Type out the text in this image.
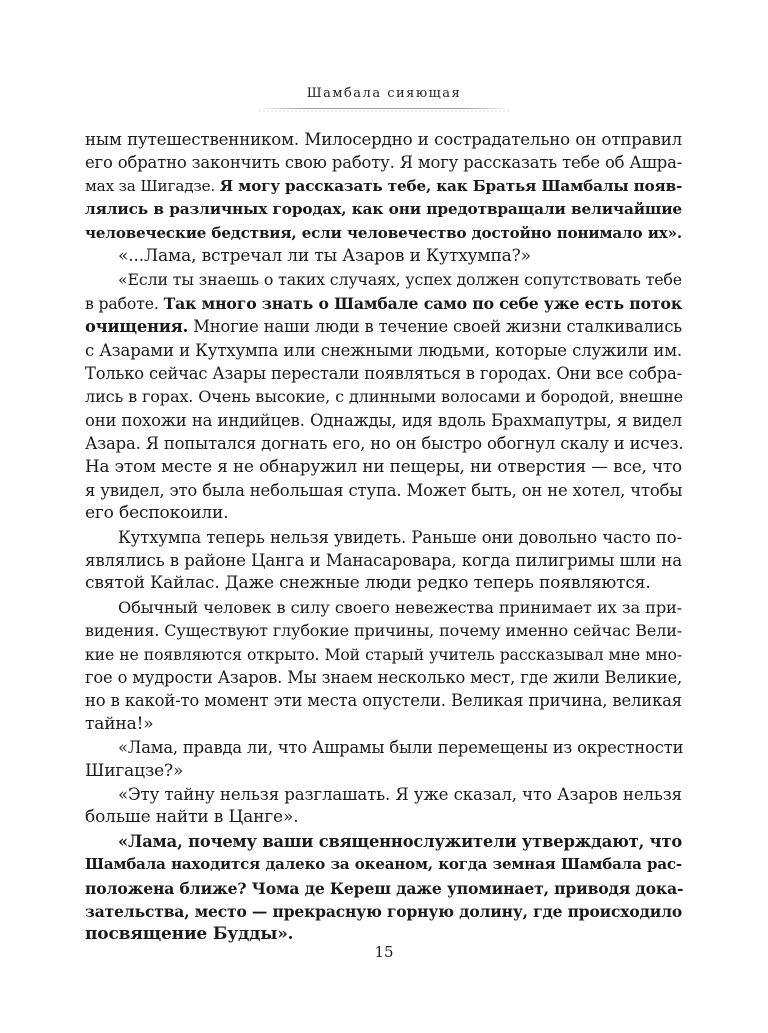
Шамбала сияющая
ным путешественником. Милосердно и сострадательно он отправил
его обратно закончить свою работу. Я могу рассказать тебе об Ашра-
мах за Шигадзе. Я могу рассказать тебе, как Братья Шамбалы появ-
лялись в различных городах, как они предотвращали величайшие
человеческие бедствия, если человечество достойно понимало их».
«...Лама, встречал ли ты Азаров и Кутхумпа?»
«Если ты знаешь о таких случаях, успех должен сопутствовать тебе
в работе. Так много знать о Шамбале само по себе уже есть поток
очищения. Многие наши люди в течение своей жизни сталкивались
с Азарами и Кутхумпа или снежными людьми, которые служили им.
Только сейчас Азары перестали появляться в городах. Они все собра-
лись в горах. Очень высокие, с длинными волосами и бородой, внешне
они похожи на индийцев. Однажды, идя вдоль Брахмапутры, я видел
Азара. Я попытался догнать его, но он быстро обогнул скалу и исчез.
На этом месте я не обнаружил ни пещеры, ни отверстия — все, что
я увидел, это была небольшая ступа. Может быть, он не хотел, чтобы
его беспокоили.
Кутхумпа теперь нельзя увидеть. Раньше они довольно часто по-
являлись в районе Цанга и Манасаровара, когда пилигримы шли на
святой Кайлас. Даже снежные люди редко теперь появляются.
Обычный человек в силу своего невежества принимает их за при-
видения. Существуют глубокие причины, почему именно сейчас Вели-
кие не появляются открыто. Мой старый учитель рассказывал мне мно-
гое о мудрости Азаров. Мы знаем несколько мест, где жили Великие,
но в какой-то момент эти места опустели. Великая причина, великая
тайна!»
«Лама, правда ли, что Ашрамы были перемещены из окрестности
Шигацзе?»
«Эту тайну нельзя разглашать. Я уже сказал, что Азаров нельзя
больше найти в Цанге».
«Лама, почему ваши священнослужители утверждают, что
Шамбала находится далеко за океаном, когда земная Шамбала рас-
положена ближе? Чома де Кереш даже упоминает, приводя дока-
зательства, место — прекрасную горную долину, где происходило
посвящение Будды».
15
